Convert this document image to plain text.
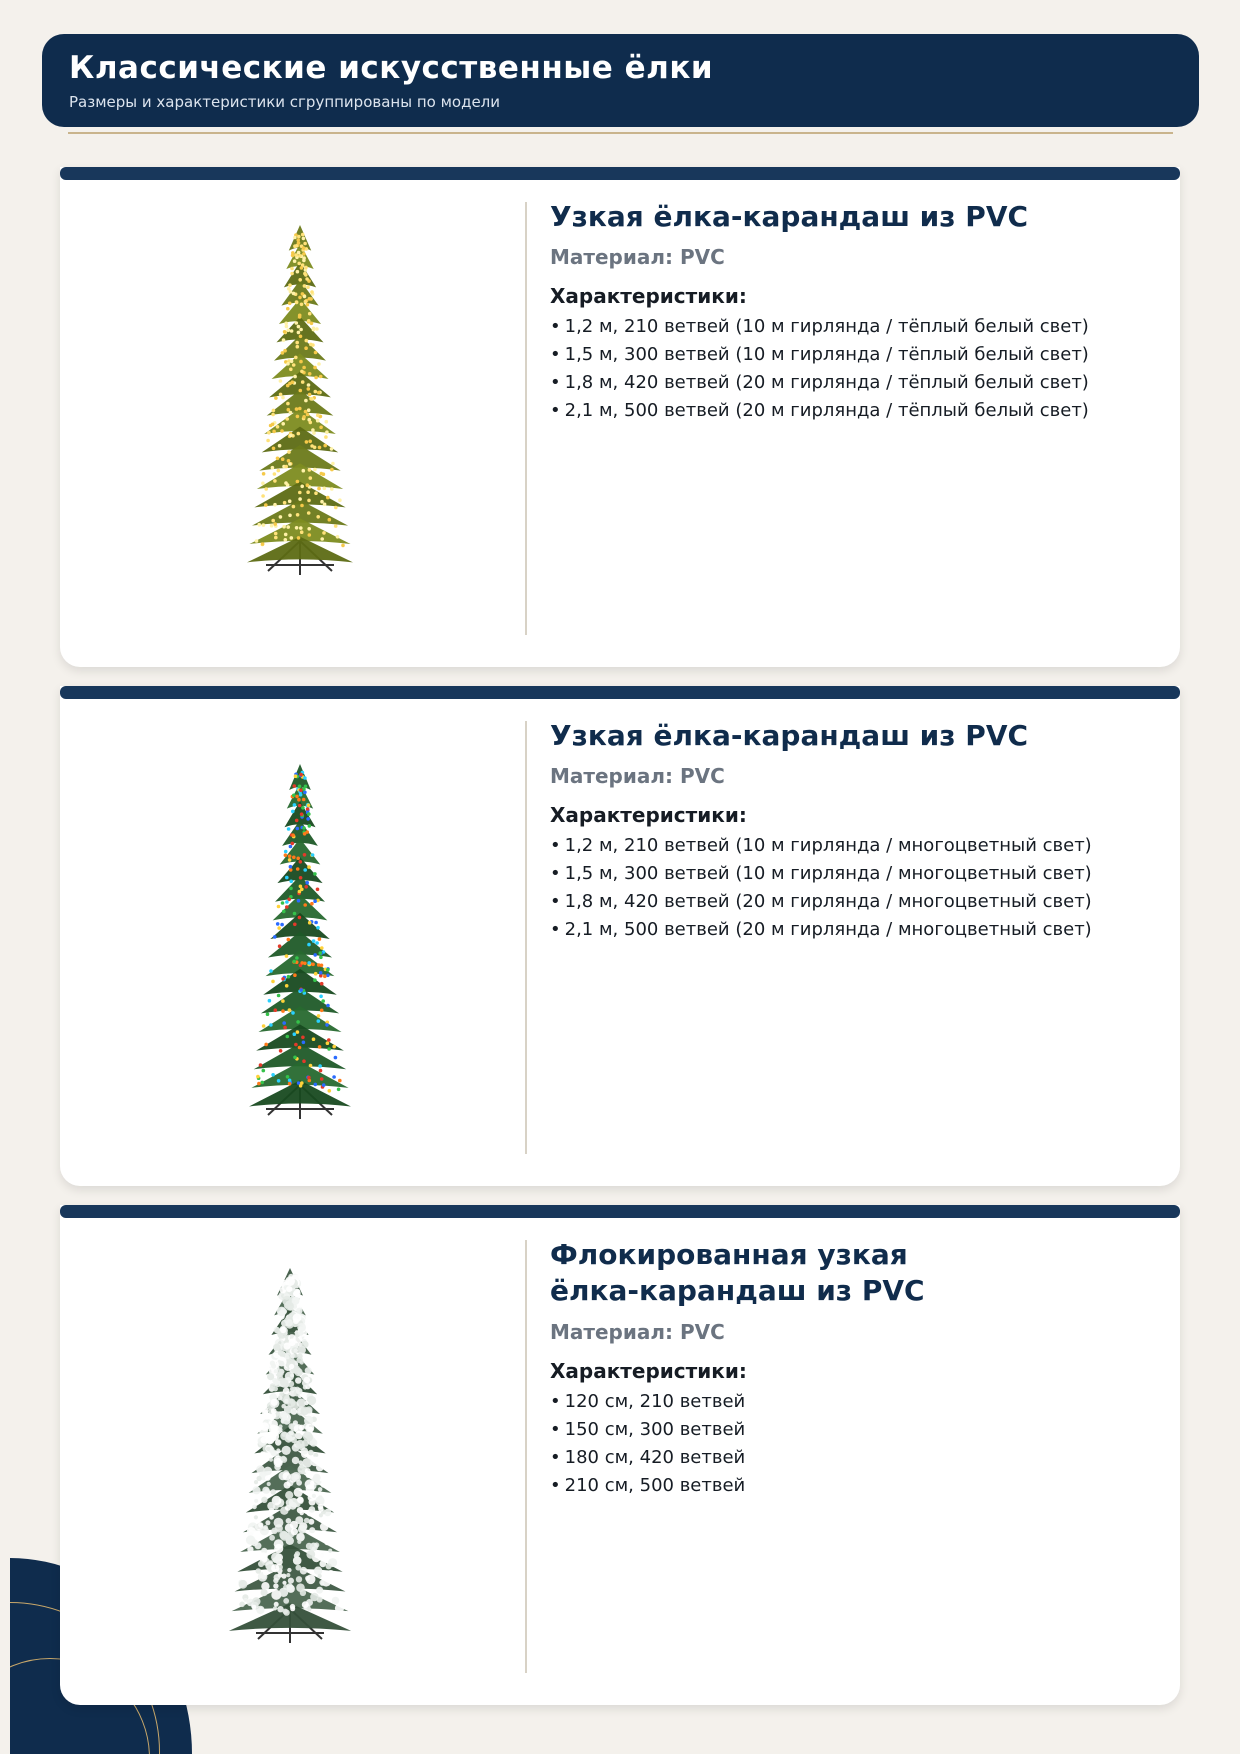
Классические искусственные ёлки
Размеры и характеристики сгруппированы по модели
Узкая ёлка-карандаш из PVC
Материал: PVC
Характеристики:
• 1,2 м, 210 ветвей (10 м гирлянда / тёплый белый свет)
• 1,5 м, 300 ветвей (10 м гирлянда / тёплый белый свет)
• 1,8 м, 420 ветвей (20 м гирлянда / тёплый белый свет)
• 2,1 м, 500 ветвей (20 м гирлянда / тёплый белый свет)
Узкая ёлка-карандаш из PVC
Материал: PVC
Характеристики:
• 1,2 м, 210 ветвей (10 м гирлянда / многоцветный свет)
• 1,5 м, 300 ветвей (10 м гирлянда / многоцветный свет)
• 1,8 м, 420 ветвей (20 м гирлянда / многоцветный свет)
• 2,1 м, 500 ветвей (20 м гирлянда / многоцветный свет)
Флокированная узкая ёлка-карандаш из PVC
Материал: PVC
Характеристики:
• 120 см, 210 ветвей
• 150 см, 300 ветвей
• 180 см, 420 ветвей
• 210 см, 500 ветвей
